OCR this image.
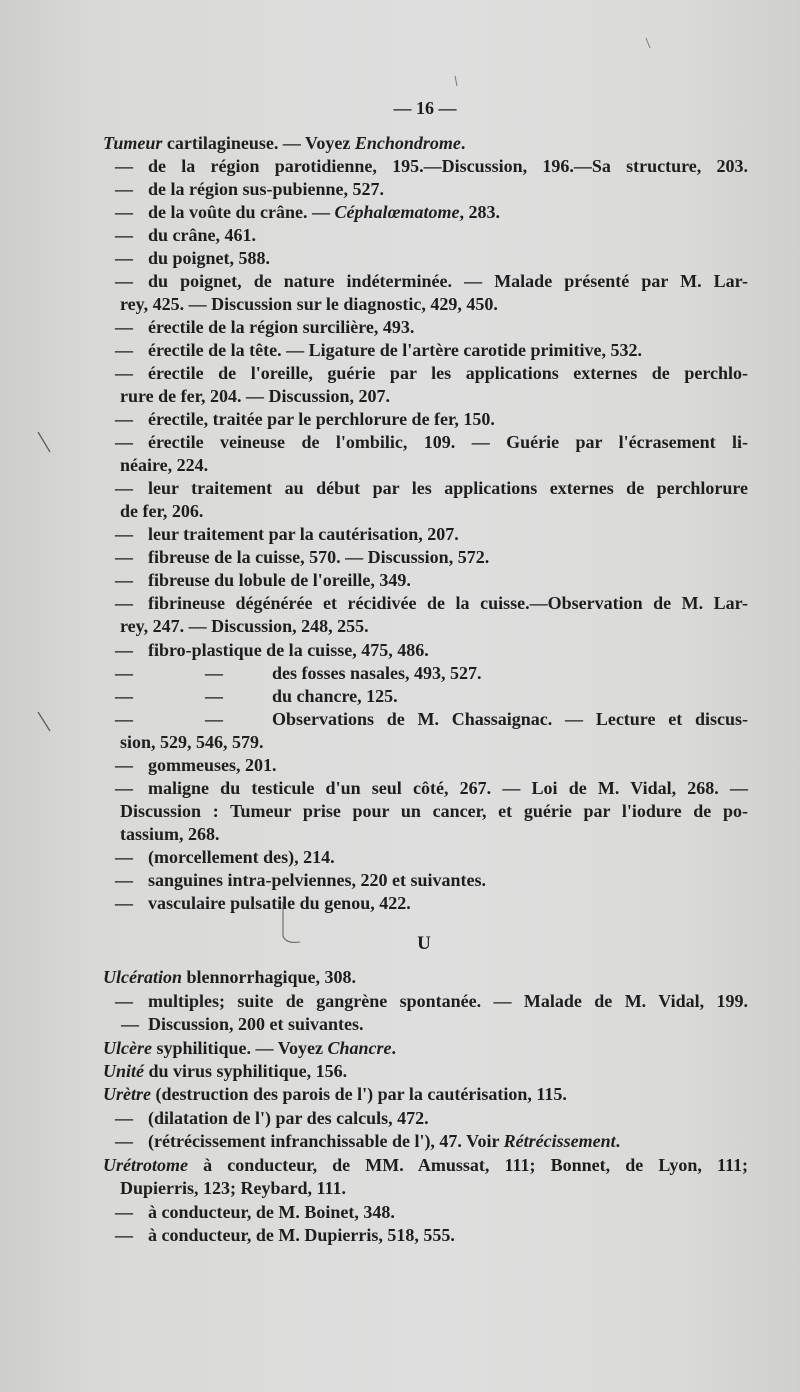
— 16 —
Tumeur cartilagineuse. — Voyez Enchondrome.
— de la région parotidienne, 195.—Discussion, 196.—Sa structure, 203.
— de la région sus-pubienne, 527.
— de la voûte du crâne. — Céphalœmatome, 283.
— du crâne, 461.
— du poignet, 588.
— du poignet, de nature indéterminée. — Malade présenté par M. Lar-
rey, 425. — Discussion sur le diagnostic, 429, 450.
— érectile de la région surcilière, 493.
— érectile de la tête. — Ligature de l'artère carotide primitive, 532.
— érectile de l'oreille, guérie par les applications externes de perchlo-
rure de fer, 204. — Discussion, 207.
— érectile, traitée par le perchlorure de fer, 150.
— érectile veineuse de l'ombilic, 109. — Guérie par l'écrasement li-
néaire, 224.
— leur traitement au début par les applications externes de perchlorure
de fer, 206.
— leur traitement par la cautérisation, 207.
— fibreuse de la cuisse, 570. — Discussion, 572.
— fibreuse du lobule de l'oreille, 349.
— fibrineuse dégénérée et récidivée de la cuisse.—Observation de M. Lar-
rey, 247. — Discussion, 248, 255.
— fibro-plastique de la cuisse, 475, 486.
—	—	des fosses nasales, 493, 527.
—	—	du chancre, 125.
—	—	Observations de M. Chassaignac. — Lecture et discus-
sion, 529, 546, 579.
— gommeuses, 201.
— maligne du testicule d'un seul côté, 267. — Loi de M. Vidal, 268. —
Discussion : Tumeur prise pour un cancer, et guérie par l'iodure de po-
tassium, 268.
— (morcellement des), 214.
— sanguines intra-pelviennes, 220 et suivantes.
— vasculaire pulsatile du genou, 422.
U
Ulcération blennorrhagique, 308.
— multiples; suite de gangrène spontanée. — Malade de M. Vidal, 199.
— Discussion, 200 et suivantes.
Ulcère syphilitique. — Voyez Chancre.
Unité du virus syphilitique, 156.
Urètre (destruction des parois de l') par la cautérisation, 115.
— (dilatation de l') par des calculs, 472.
— (rétrécissement infranchissable de l'), 47. Voir Rétrécissement.
Urétrotome à conducteur, de MM. Amussat, 111; Bonnet, de Lyon, 111;
Dupierris, 123; Reybard, 111.
— à conducteur, de M. Boinet, 348.
— à conducteur, de M. Dupierris, 518, 555.
